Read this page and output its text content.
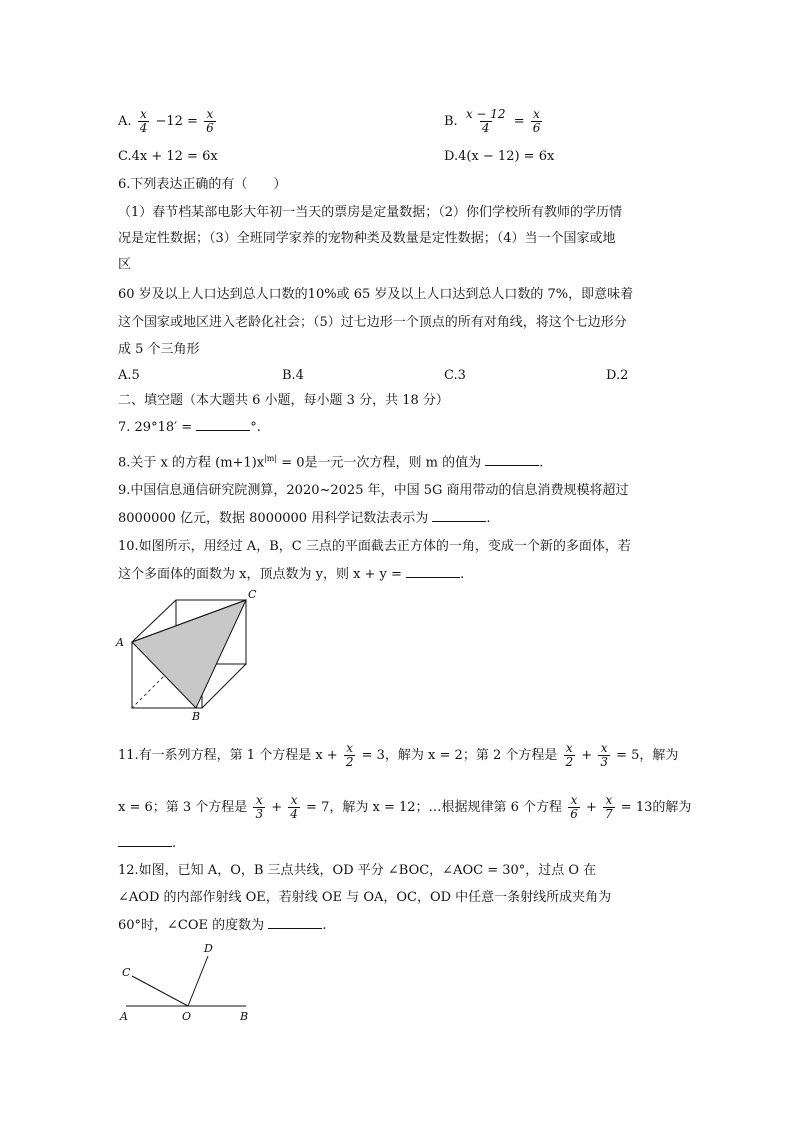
A. $\frac{x}{4} -12 = \frac{x}{6}$	B. $\frac{x - 12}{4} = \frac{x}{6}$
C.4x + 12 = 6x	D.4(x − 12) = 6x
6.下列表达正确的有（　　）
（1）春节档某部电影大年初一当天的票房是定量数据；（2）你们学校所有教师的学历情
况是定性数据；（3）全班同学家养的宠物种类及数量是定性数据；（4）当一个国家或地
区
60 岁及以上人口达到总人口数的10%或 65 岁及以上人口达到总人口数的 7%，即意味着
这个国家或地区进入老龄化社会；（5）过七边形一个顶点的所有对角线，将这个七边形分
成 5 个三角形
A.5	B.4	C.3	D.2
二、填空题（本大题共 6 小题，每小题 3 分，共 18 分）
7. 29°18′ =	°.
8.关于 x 的方程 $(m+1)x^{|m|} = 0$是一元一次方程，则 m 的值为	.
9.中国信息通信研究院测算，2020~2025 年，中国 5G 商用带动的信息消费规模将超过
8000000 亿元，数据 8000000 用科学记数法表示为	.
10.如图所示，用经过 A，B，C 三点的平面截去正方体的一角，变成一个新的多面体，若
这个多面体的面数为 x，顶点数为 y，则 x + y =	.
A
B
C
11.有一系列方程，第 1 个方程是 $x + \frac{x}{2} = 3$，解为 x = 2；第 2 个方程是 $\frac{x}{2} + \frac{x}{3} = 5$，解为
x = 6；第 3 个方程是 $\frac{x}{3} + \frac{x}{4} = 7$，解为 x = 12；…根据规律第 6 个方程 $\frac{x}{6} + \frac{x}{7} = 13$的解为
.
12.如图，已知 A，O，B 三点共线，OD 平分 ∠BOC，∠AOC = 30°，过点 O 在
∠AOD 的内部作射线 OE，若射线 OE 与 OA，OC，OD 中任意一条射线所成夹角为
60°时，∠COE 的度数为	.
A	O	B
C
D
